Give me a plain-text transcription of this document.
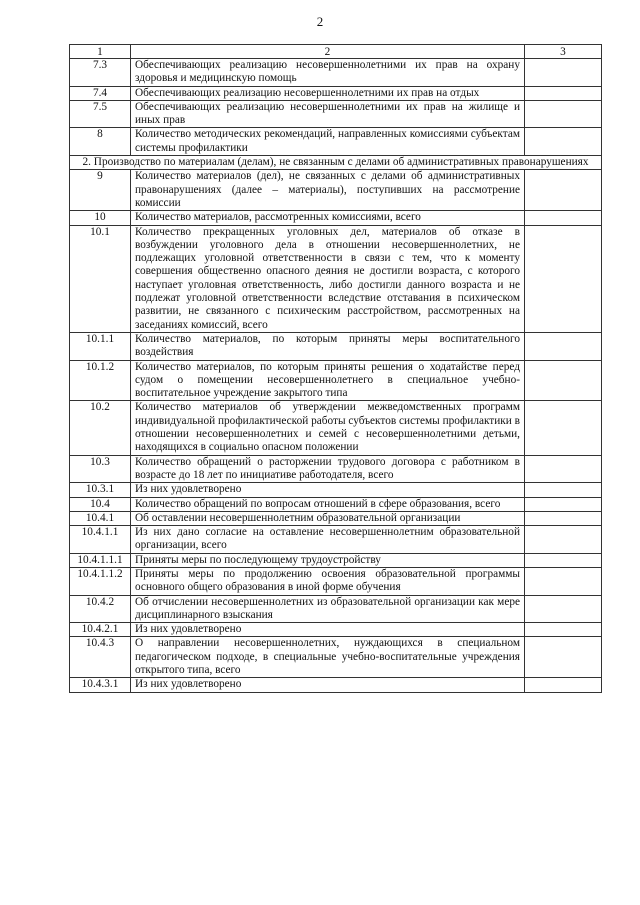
2
1	2	3
7.3	Обеспечивающих реализацию несовершеннолетними их прав на охрану здоровья и медицинскую помощь	
7.4	Обеспечивающих реализацию несовершеннолетними их прав на отдых	
7.5	Обеспечивающих реализацию несовершеннолетними их прав на жилище и иных прав	
8	Количество методических рекомендаций, направленных комиссиями субъектам системы профилактики	
2. Производство по материалам (делам), не связанным с делами об административных правонарушениях		
9	Количество материалов (дел), не связанных с делами об административных правонарушениях (далее – материалы), поступивших на рассмотрение комиссии	
10	Количество материалов, рассмотренных комиссиями, всего	
10.1	Количество прекращенных уголовных дел, материалов об отказе в возбуждении уголовного дела в отношении несовершеннолетних, не подлежащих уголовной ответственности в связи с тем, что к моменту совершения общественно опасного деяния не достигли возраста, с которого наступает уголовная ответственность, либо достигли данного возраста и не подлежат уголовной ответственности вследствие отставания в психическом развитии, не связанного с психическим расстройством, рассмотренных на заседаниях комиссий, всего	
10.1.1	Количество материалов, по которым приняты меры воспитательного воздействия	
10.1.2	Количество материалов, по которым приняты решения о ходатайстве перед судом о помещении несовершеннолетнего в специальное учебно-воспитательное учреждение закрытого типа	
10.2	Количество материалов об утверждении межведомственных программ индивидуальной профилактической работы субъектов системы профилактики в отношении несовершеннолетних и семей с несовершеннолетними детьми, находящихся в социально опасном положении	
10.3	Количество обращений о расторжении трудового договора с работником в возрасте до 18 лет по инициативе работодателя, всего	
10.3.1	Из них удовлетворено	
10.4	Количество обращений по вопросам отношений в сфере образования, всего	
10.4.1	Об оставлении несовершеннолетним образовательной организации	
10.4.1.1	Из них дано согласие на оставление несовершеннолетним образовательной организации, всего	
10.4.1.1.1	Приняты меры по последующему трудоустройству	
10.4.1.1.2	Приняты меры по продолжению освоения образовательной программы основного общего образования в иной форме обучения	
10.4.2	Об отчислении несовершеннолетних из образовательной организации как мере дисциплинарного взыскания	
10.4.2.1	Из них удовлетворено	
10.4.3	О направлении несовершеннолетних, нуждающихся в специальном педагогическом подходе, в специальные учебно-воспитательные учреждения открытого типа, всего	
10.4.3.1	Из них удовлетворено	
